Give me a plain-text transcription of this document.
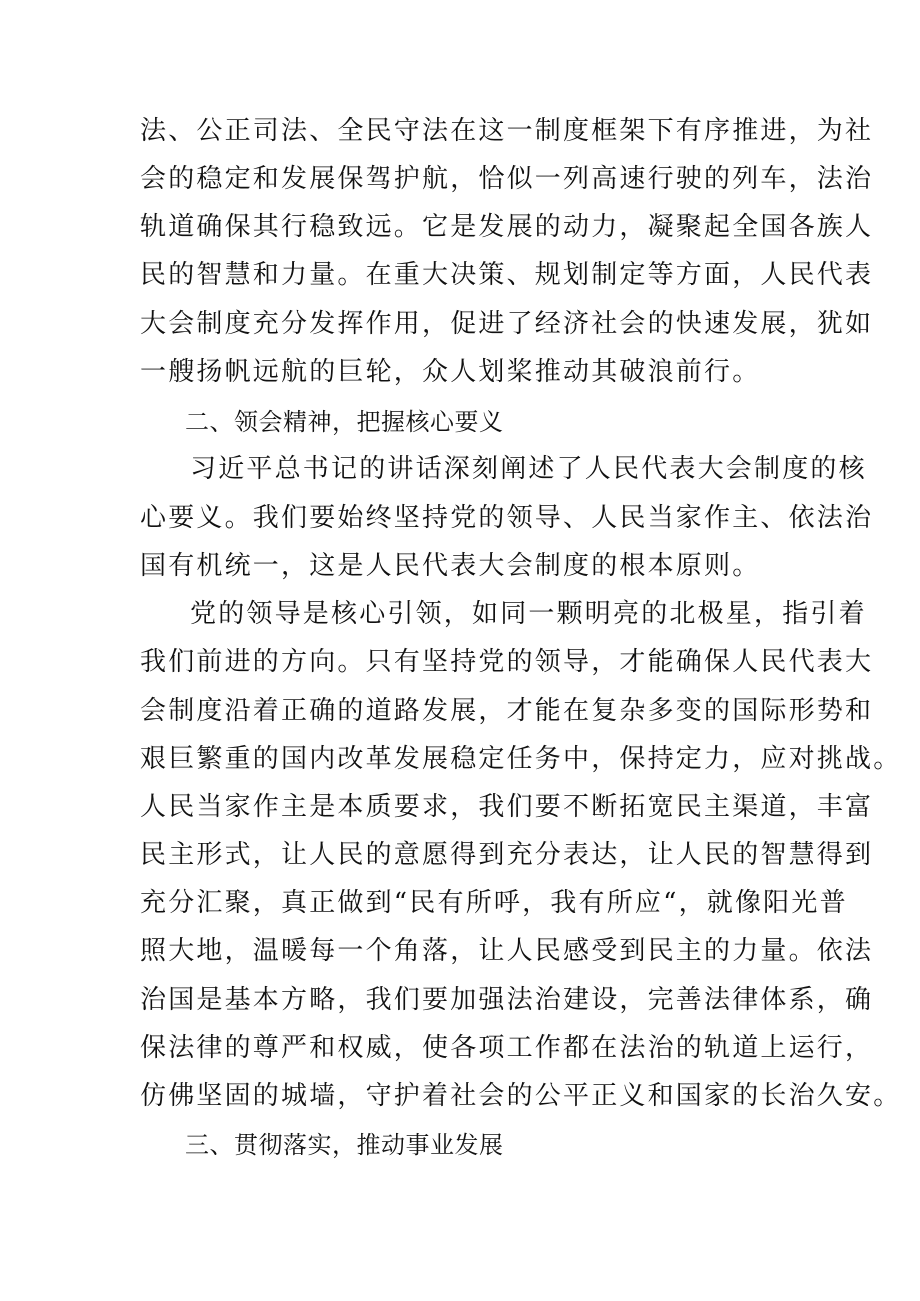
法、公正司法、全民守法在这一制度框架下有序推进，为社
会的稳定和发展保驾护航，恰似一列高速行驶的列车，法治
轨道确保其行稳致远。它是发展的动力，凝聚起全国各族人
民的智慧和力量。在重大决策、规划制定等方面，人民代表
大会制度充分发挥作用，促进了经济社会的快速发展，犹如
一艘扬帆远航的巨轮，众人划桨推动其破浪前行。
二、领会精神，把握核心要义
习近平总书记的讲话深刻阐述了人民代表大会制度的核
心要义。我们要始终坚持党的领导、人民当家作主、依法治
国有机统一，这是人民代表大会制度的根本原则。
党的领导是核心引领，如同一颗明亮的北极星，指引着
我们前进的方向。只有坚持党的领导，才能确保人民代表大
会制度沿着正确的道路发展，才能在复杂多变的国际形势和
艰巨繁重的国内改革发展稳定任务中，保持定力，应对挑战。
人民当家作主是本质要求，我们要不断拓宽民主渠道，丰富
民主形式，让人民的意愿得到充分表达，让人民的智慧得到
充分汇聚，真正做到“民有所呼，我有所应“，就像阳光普
照大地，温暖每一个角落，让人民感受到民主的力量。依法
治国是基本方略，我们要加强法治建设，完善法律体系，确
保法律的尊严和权威，使各项工作都在法治的轨道上运行，
仿佛坚固的城墙，守护着社会的公平正义和国家的长治久安。
三、贯彻落实，推动事业发展
